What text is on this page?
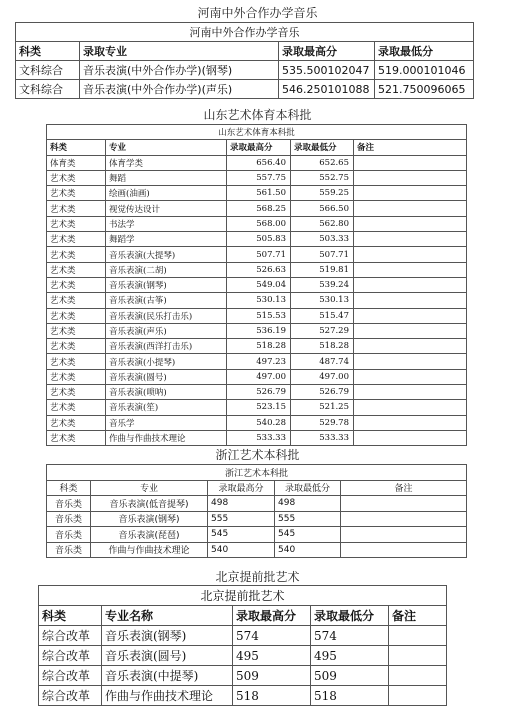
河南中外合作办学音乐
河南中外合作办学音乐			
科类	录取专业	录取最高分	录取最低分
文科综合	音乐表演(中外合作办学)(钢琴)	535.500102047	519.000101046
文科综合	音乐表演(中外合作办学)(声乐)	546.250101088	521.750096065
山东艺术体育本科批
山东艺术体育本科批				
科类	专业	录取最高分	录取最低分	备注
体育类	体育学类	656.40	652.65	
艺术类	舞蹈	557.75	552.75	
艺术类	绘画(油画)	561.50	559.25	
艺术类	视觉传达设计	568.25	566.50	
艺术类	书法学	568.00	562.80	
艺术类	舞蹈学	505.83	503.33	
艺术类	音乐表演(大提琴)	507.71	507.71	
艺术类	音乐表演(二胡)	526.63	519.81	
艺术类	音乐表演(钢琴)	549.04	539.24	
艺术类	音乐表演(古筝)	530.13	530.13	
艺术类	音乐表演(民乐打击乐)	515.53	515.47	
艺术类	音乐表演(声乐)	536.19	527.29	
艺术类	音乐表演(西洋打击乐)	518.28	518.28	
艺术类	音乐表演(小提琴)	497.23	487.74	
艺术类	音乐表演(圆号)	497.00	497.00	
艺术类	音乐表演(唢呐)	526.79	526.79	
艺术类	音乐表演(笙)	523.15	521.25	
艺术类	音乐学	540.28	529.78	
艺术类	作曲与作曲技术理论	533.33	533.33	
浙江艺术本科批
浙江艺术本科批				
科类	专业	录取最高分	录取最低分	备注
音乐类	音乐表演(低音提琴)	498	498	
音乐类	音乐表演(钢琴)	555	555	
音乐类	音乐表演(琵琶)	545	545	
音乐类	作曲与作曲技术理论	540	540	
北京提前批艺术
北京提前批艺术				
科类	专业名称	录取最高分	录取最低分	备注
综合改革	音乐表演(钢琴)	574	574	
综合改革	音乐表演(圆号)	495	495	
综合改革	音乐表演(中提琴)	509	509	
综合改革	作曲与作曲技术理论	518	518	
